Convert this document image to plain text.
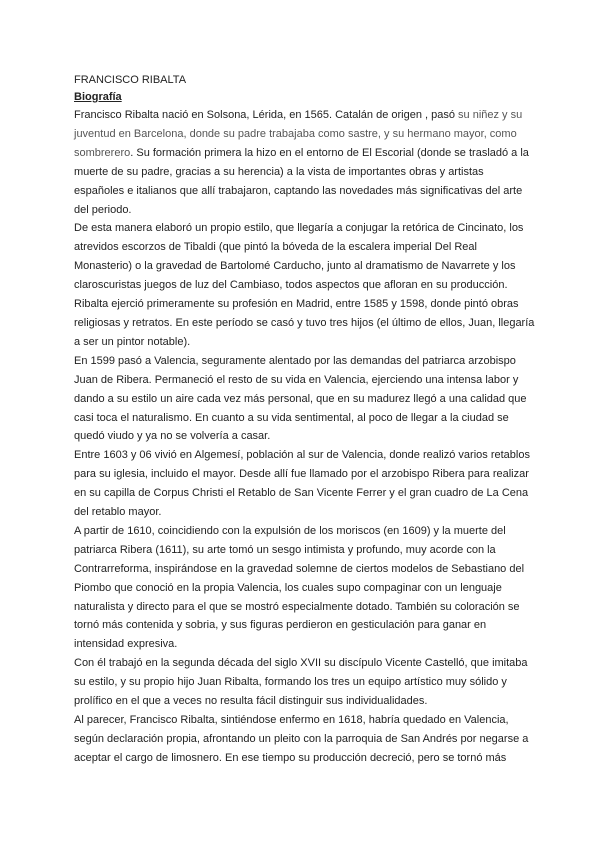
FRANCISCO RIBALTA

Biografía

Francisco Ribalta nació en Solsona, Lérida, en 1565. Catalán de origen , pasó su niñez y su juventud en Barcelona, donde su padre trabajaba como sastre, y su hermano mayor, como sombrerero. Su formación primera la hizo en el entorno de El Escorial (donde se trasladó a la muerte de su padre, gracias a su herencia) a la vista de importantes obras y artistas españoles e italianos que allí trabajaron, captando las novedades más significativas del arte del periodo.

De esta manera elaboró un propio estilo, que llegaría a conjugar la retórica de Cincinato, los atrevidos escorzos de Tibaldi (que pintó la bóveda de la escalera imperial Del Real Monasterio) o la gravedad de Bartolomé Carducho, junto al dramatismo de Navarrete y los claroscuristas juegos de luz del Cambiaso, todos aspectos que afloran en su producción.

Ribalta ejerció primeramente su profesión en Madrid, entre 1585 y 1598, donde pintó obras religiosas y retratos. En este período se casó y tuvo tres hijos (el último de ellos, Juan, llegaría a ser un pintor notable).

En 1599 pasó a Valencia, seguramente alentado por las demandas del patriarca arzobispo Juan de Ribera. Permaneció el resto de su vida en Valencia, ejerciendo una intensa labor y dando a su estilo un aire cada vez más personal, que en su madurez llegó a una calidad que casi toca el naturalismo. En cuanto a su vida sentimental, al poco de llegar a la ciudad se quedó viudo y ya no se volvería a casar.

Entre 1603 y 06 vivió en Algemesí, población al sur de Valencia, donde realizó varios retablos para su iglesia, incluido el mayor. Desde allí fue llamado por el arzobispo Ribera para realizar en su capilla de Corpus Christi el Retablo de San Vicente Ferrer y el gran cuadro de La Cena del retablo mayor.

A partir de 1610, coincidiendo con la expulsión de los moriscos (en 1609) y la muerte del patriarca Ribera (1611), su arte tomó un sesgo intimista y profundo, muy acorde con la Contrarreforma, inspirándose en la gravedad solemne de ciertos modelos de Sebastiano del Piombo que conoció en la propia Valencia, los cuales supo compaginar con un lenguaje naturalista y directo para el que se mostró especialmente dotado. También su coloración se tornó más contenida y sobria, y sus figuras perdieron en gesticulación para ganar en intensidad expresiva.

Con él trabajó en la segunda década del siglo XVII su discípulo Vicente Castelló, que imitaba su estilo, y su propio hijo Juan Ribalta, formando los tres un equipo artístico muy sólido y prolífico en el que a veces no resulta fácil distinguir sus individualidades.

Al parecer, Francisco Ribalta, sintiéndose enfermo en 1618, habría quedado en Valencia, según declaración propia, afrontando un pleito con la parroquia de San Andrés por negarse a aceptar el cargo de limosnero. En ese tiempo su producción decreció, pero se tornó más
